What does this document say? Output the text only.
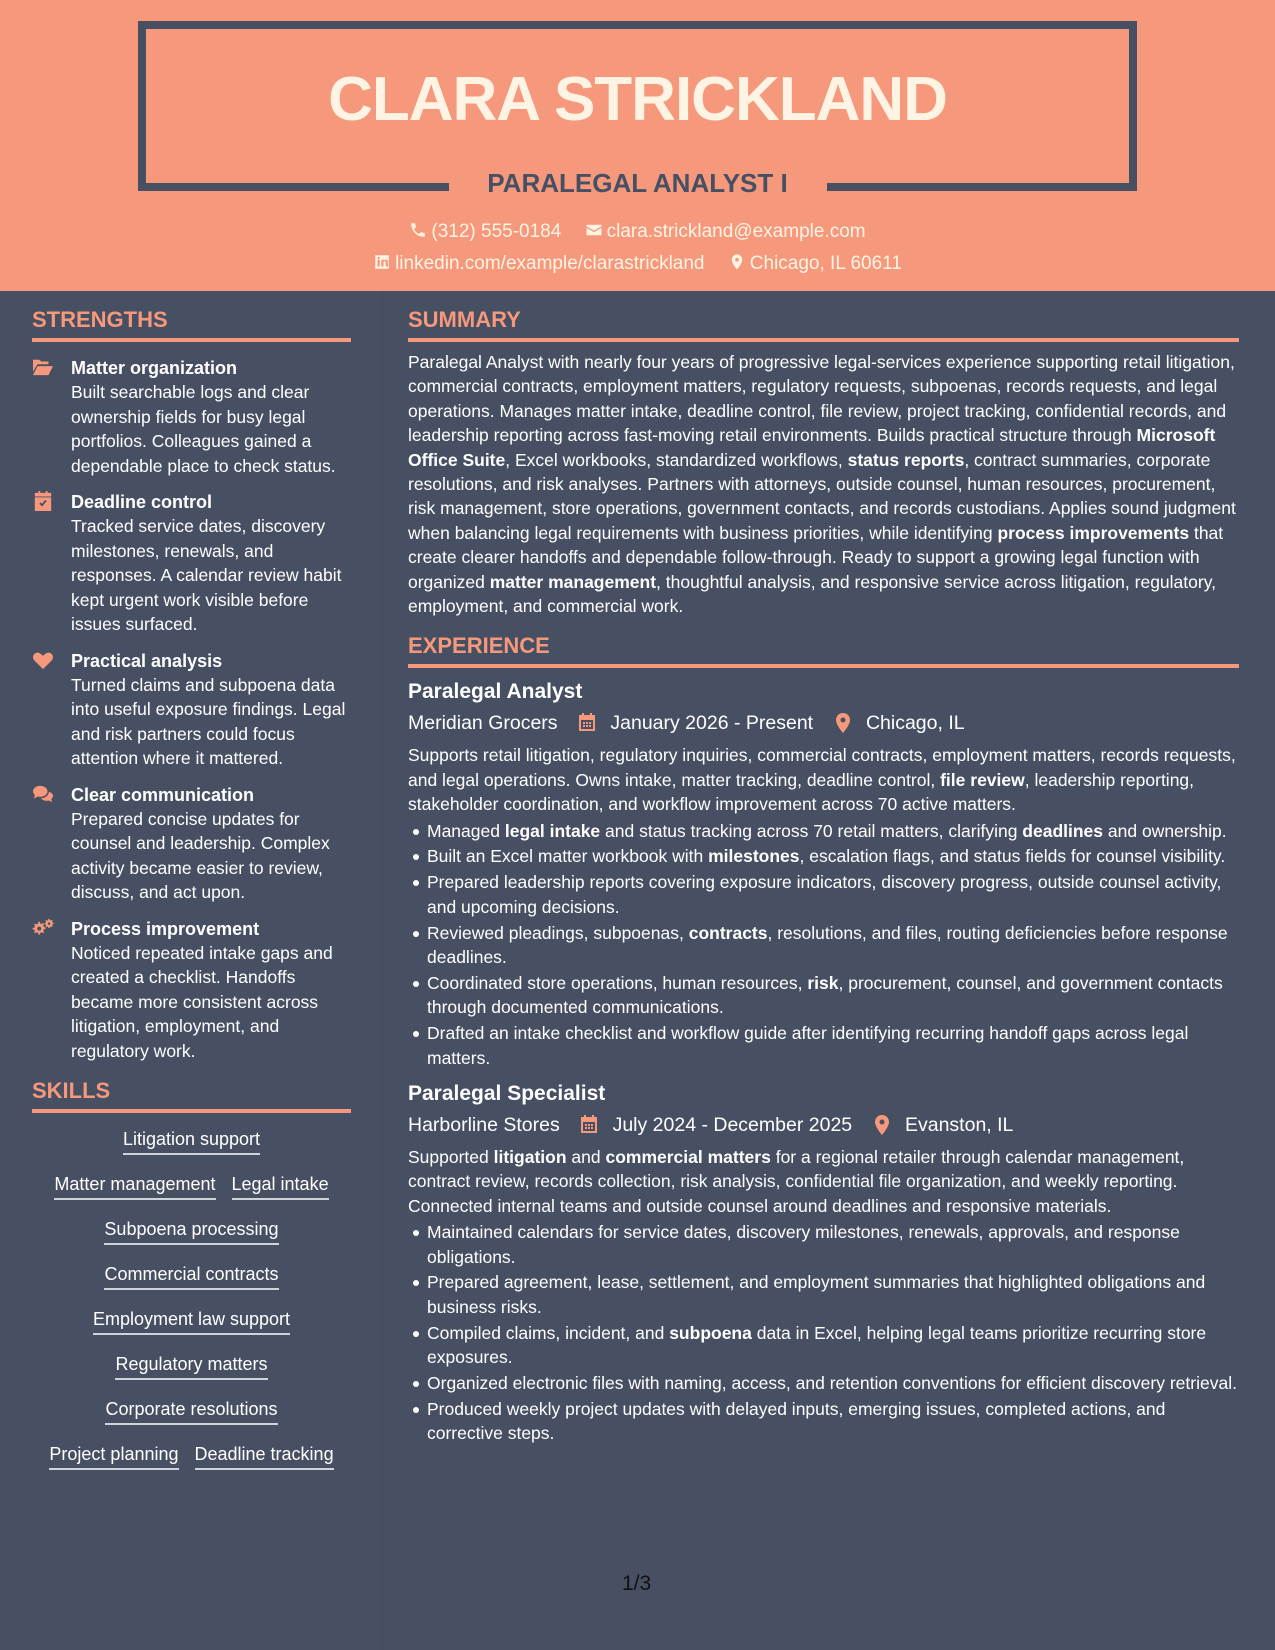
CLARA STRICKLAND
PARALEGAL ANALYST I
(312) 555-0184 clara.strickland@example.com
linkedin.com/example/clarastrickland Chicago, IL 60611
STRENGTHS
Matter organization
Built searchable logs and clear ownership fields for busy legal portfolios. Colleagues gained a dependable place to check status.
Deadline control
Tracked service dates, discovery milestones, renewals, and responses. A calendar review habit kept urgent work visible before issues surfaced.
Practical analysis
Turned claims and subpoena data into useful exposure findings. Legal and risk partners could focus attention where it mattered.
Clear communication
Prepared concise updates for counsel and leadership. Complex activity became easier to review, discuss, and act upon.
Process improvement
Noticed repeated intake gaps and created a checklist. Handoffs became more consistent across litigation, employment, and regulatory work.
SKILLS
Litigation support
Matter management Legal intake
Subpoena processing
Commercial contracts
Employment law support
Regulatory matters
Corporate resolutions
Project planning Deadline tracking
SUMMARY
Paralegal Analyst with nearly four years of progressive legal-services experience supporting retail litigation, commercial contracts, employment matters, regulatory requests, subpoenas, records requests, and legal operations. Manages matter intake, deadline control, file review, project tracking, confidential records, and leadership reporting across fast-moving retail environments. Builds practical structure through Microsoft Office Suite, Excel workbooks, standardized workflows, status reports, contract summaries, corporate resolutions, and risk analyses. Partners with attorneys, outside counsel, human resources, procurement, risk management, store operations, government contacts, and records custodians. Applies sound judgment when balancing legal requirements with business priorities, while identifying process improvements that create clearer handoffs and dependable follow-through. Ready to support a growing legal function with organized matter management, thoughtful analysis, and responsive service across litigation, regulatory, employment, and commercial work.
EXPERIENCE
Paralegal Analyst
Meridian Grocers	January 2026 - Present	Chicago, IL
Supports retail litigation, regulatory inquiries, commercial contracts, employment matters, records requests, and legal operations. Owns intake, matter tracking, deadline control, file review, leadership reporting, stakeholder coordination, and workflow improvement across 70 active matters.
Managed legal intake and status tracking across 70 retail matters, clarifying deadlines and ownership.
Built an Excel matter workbook with milestones, escalation flags, and status fields for counsel visibility.
Prepared leadership reports covering exposure indicators, discovery progress, outside counsel activity, and upcoming decisions.
Reviewed pleadings, subpoenas, contracts, resolutions, and files, routing deficiencies before response deadlines.
Coordinated store operations, human resources, risk, procurement, counsel, and government contacts through documented communications.
Drafted an intake checklist and workflow guide after identifying recurring handoff gaps across legal matters.
Paralegal Specialist
Harborline Stores	July 2024 - December 2025	Evanston, IL
Supported litigation and commercial matters for a regional retailer through calendar management, contract review, records collection, risk analysis, confidential file organization, and weekly reporting. Connected internal teams and outside counsel around deadlines and responsive materials.
Maintained calendars for service dates, discovery milestones, renewals, approvals, and response obligations.
Prepared agreement, lease, settlement, and employment summaries that highlighted obligations and business risks.
Compiled claims, incident, and subpoena data in Excel, helping legal teams prioritize recurring store exposures.
Organized electronic files with naming, access, and retention conventions for efficient discovery retrieval.
Produced weekly project updates with delayed inputs, emerging issues, completed actions, and corrective steps.
1/3
